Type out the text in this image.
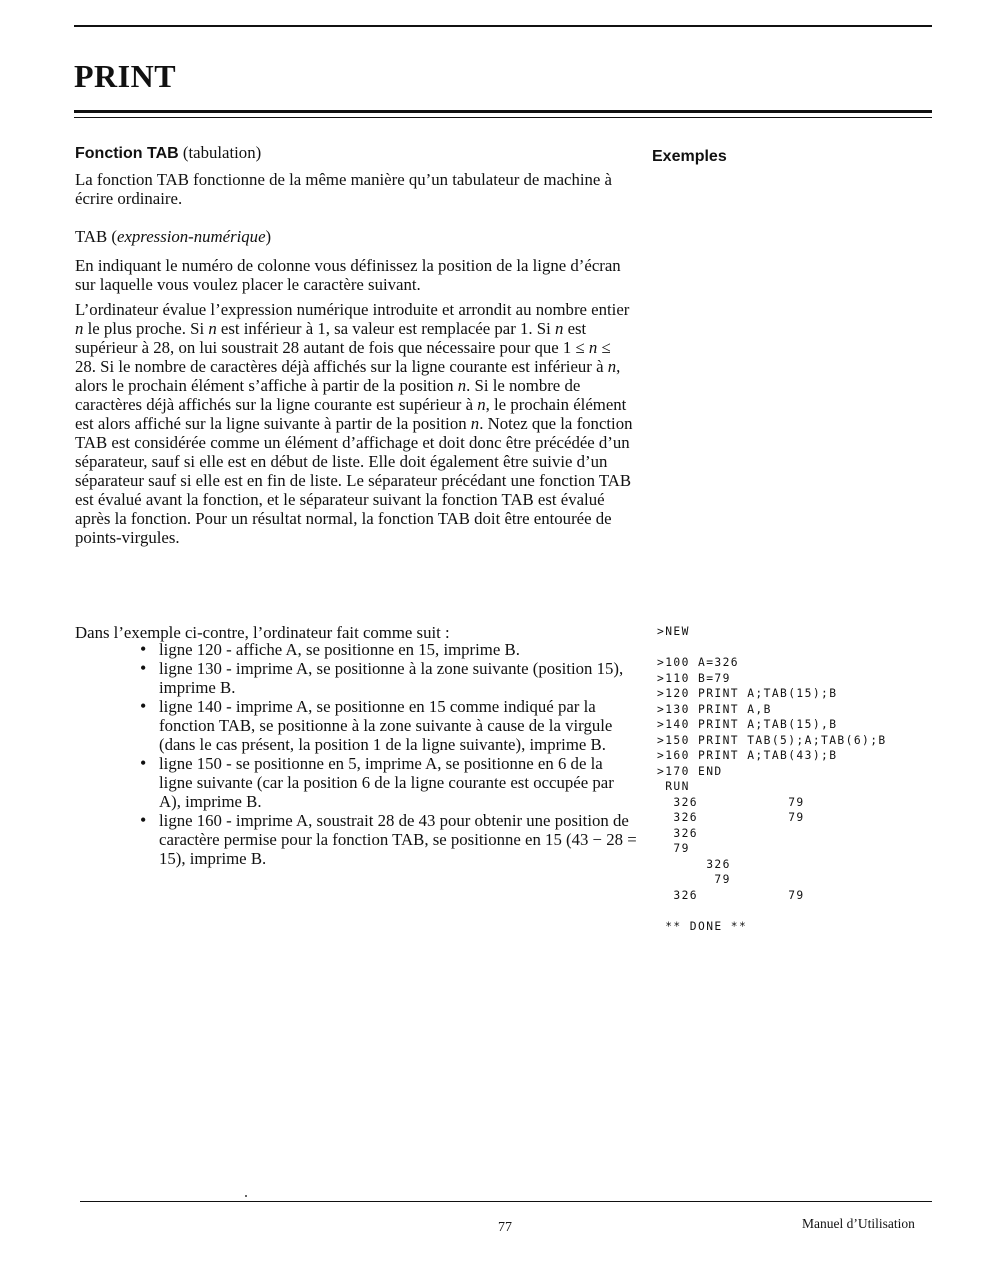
PRINT
Fonction TAB (tabulation)	Exemples

La fonction TAB fonctionne de la même manière qu’un tabulateur de machine à écrire ordinaire.

TAB (expression-numérique)

En indiquant le numéro de colonne vous définissez la position de la ligne d’écran sur laquelle vous voulez placer le caractère suivant.

L’ordinateur évalue l’expression numérique introduite et arrondit au nombre entier n le plus proche. Si n est inférieur à 1, sa valeur est remplacée par 1. Si n est supérieur à 28, on lui soustrait 28 autant de fois que nécessaire pour que 1 ≤ n ≤ 28. Si le nombre de caractères déjà affichés sur la ligne courante est inférieur à n, alors le prochain élément s’affiche à partir de la position n. Si le nombre de caractères déjà affichés sur la ligne courante est supérieur à n, le prochain élément est alors affiché sur la ligne suivante à partir de la position n. Notez que la fonction TAB est considérée comme un élément d’affichage et doit donc être précédée d’un séparateur, sauf si elle est en début de liste. Elle doit également être suivie d’un séparateur sauf si elle est en fin de liste. Le séparateur précédant une fonction TAB est évalué avant la fonction, et le séparateur suivant la fonction TAB est évalué après la fonction. Pour un résultat normal, la fonction TAB doit être entourée de points-virgules.

Dans l’exemple ci-contre, l’ordinateur fait comme suit :

• ligne 120 - affiche A, se positionne en 15, imprime B.
• ligne 130 - imprime A, se positionne à la zone suivante (position 15), imprime B.
• ligne 140 - imprime A, se positionne en 15 comme indiqué par la fonction TAB, se positionne à la zone suivante à cause de la virgule (dans le cas présent, la position 1 de la ligne suivante), imprime B.
• ligne 150 - se positionne en 5, imprime A, se positionne en 6 de la ligne suivante (car la position 6 de la ligne courante est occupée par A), imprime B.
• ligne 160 - imprime A, soustrait 28 de 43 pour obtenir une position de caractère permise pour la fonction TAB, se positionne en 15 (43 − 28 = 15), imprime B.
>NEW
>100 A=326
>110 B=79
>120 PRINT A;TAB(15);B
>130 PRINT A,B
>140 PRINT A;TAB(15),B
>150 PRINT TAB(5);A;TAB(6);B
>160 PRINT A;TAB(43);B
>170 END
RUN
326           79
326           79
326
79
326
79
326           79
** DONE **
77	Manuel d’Utilisation
